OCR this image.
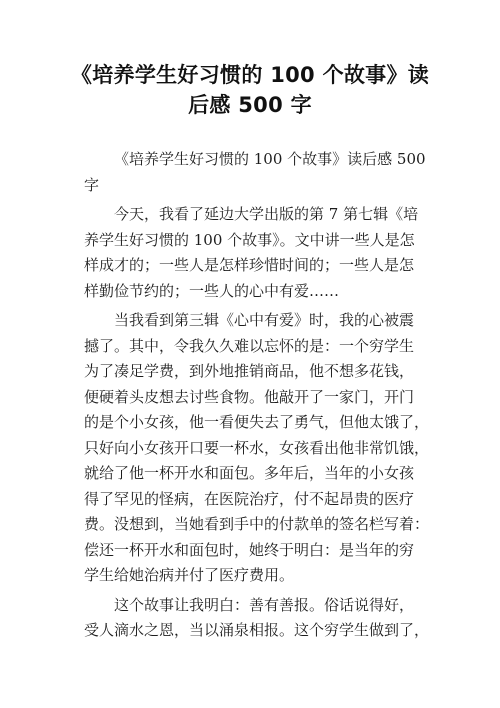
《培养学生好习惯的 100 个故事》读
后感 500 字

《培养学生好习惯的 100 个故事》读后感 500
字

今天，我看了延边大学出版的第 7 第七辑《培
养学生好习惯的 100 个故事》。文中讲一些人是怎
样成才的；一些人是怎样珍惜时间的；一些人是怎
样勤俭节约的；一些人的心中有爱……

当我看到第三辑《心中有爱》时，我的心被震
撼了。其中，令我久久难以忘怀的是：一个穷学生
为了凑足学费，到外地推销商品，他不想多花钱，
便硬着头皮想去讨些食物。他敲开了一家门，开门
的是个小女孩，他一看便失去了勇气，但他太饿了，
只好向小女孩开口要一杯水，女孩看出他非常饥饿，
就给了他一杯开水和面包。多年后，当年的小女孩
得了罕见的怪病，在医院治疗，付不起昂贵的医疗
费。没想到，当她看到手中的付款单的签名栏写着：
偿还一杯开水和面包时，她终于明白：是当年的穷
学生给她治病并付了医疗费用。

这个故事让我明白：善有善报。俗话说得好，
受人滴水之恩，当以涌泉相报。这个穷学生做到了，
